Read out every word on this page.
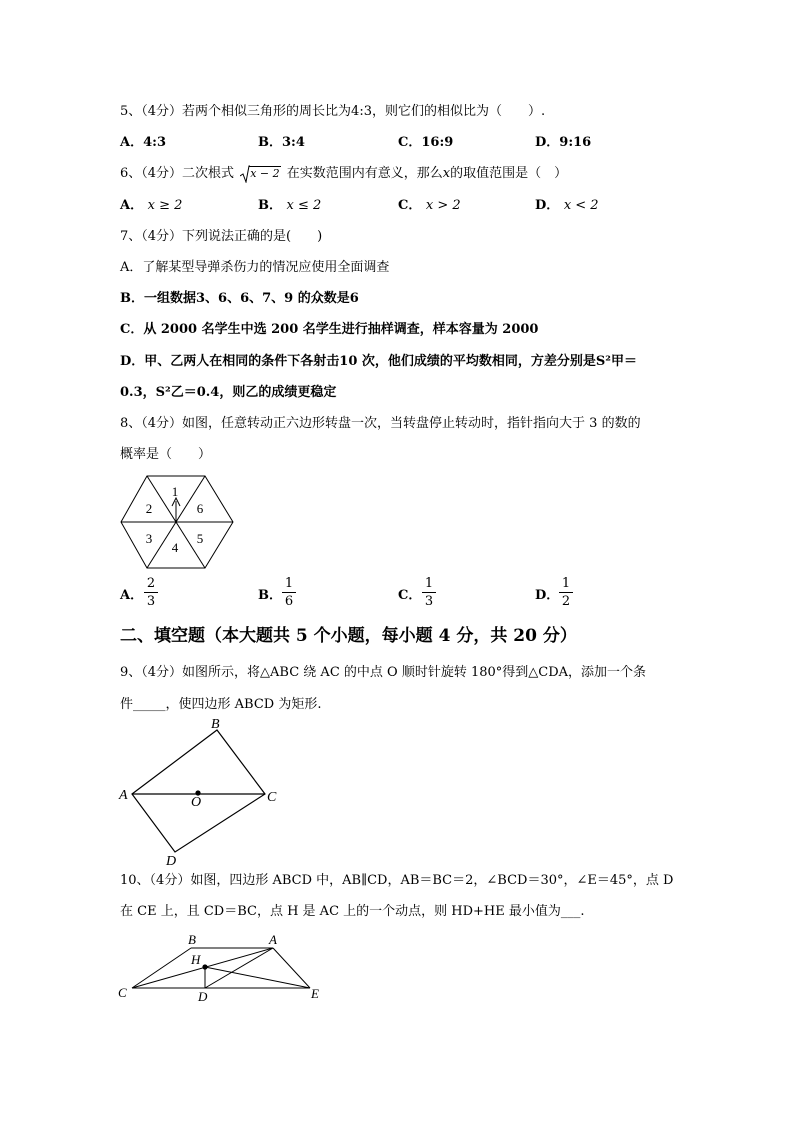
5、（4分）若两个相似三角形的周长比为4:3，则它们的相似比为（　　）.
A．4:3	B．3:4	C．16:9	D．9:16
6、（4分）二次根式 x − 2 在实数范围内有意义，那么x的取值范围是（　）
A． x ≥ 2	B． x ≤ 2	C． x > 2	D． x < 2
7、（4分）下列说法正确的是(　　)
A．了解某型导弹杀伤力的情况应使用全面调查
B．一组数据3、6、6、7、9 的众数是6
C．从 2000 名学生中选 200 名学生进行抽样调查，样本容量为 2000
D．甲、乙两人在相同的条件下各射击10 次，他们成绩的平均数相同，方差分别是S²甲＝
0.3，S²乙＝0.4，则乙的成绩更稳定
8、（4分）如图，任意转动正六边形转盘一次，当转盘停止转动时，指针指向大于 3 的数的
概率是（　　）
1
6
5
4
3
2
A．
2
3	B．
1
6	C．
1
3	D．
1
2
二、填空题（本大题共 5 个小题，每小题 4 分，共 20 分）
9、（4分）如图所示，将△ABC 绕 AC 的中点 O 顺时针旋转 180°得到△CDA，添加一个条
件_____，使四边形 ABCD 为矩形.
A
B
C
D
O
10、（4分）如图，四边形 ABCD 中，AB∥CD，AB＝BC＝2，∠BCD＝30°，∠E＝45°，点 D
在 CE 上，且 CD＝BC，点 H 是 AC 上的一个动点，则 HD+HE 最小值为___.
B	A
H
C	D	E
